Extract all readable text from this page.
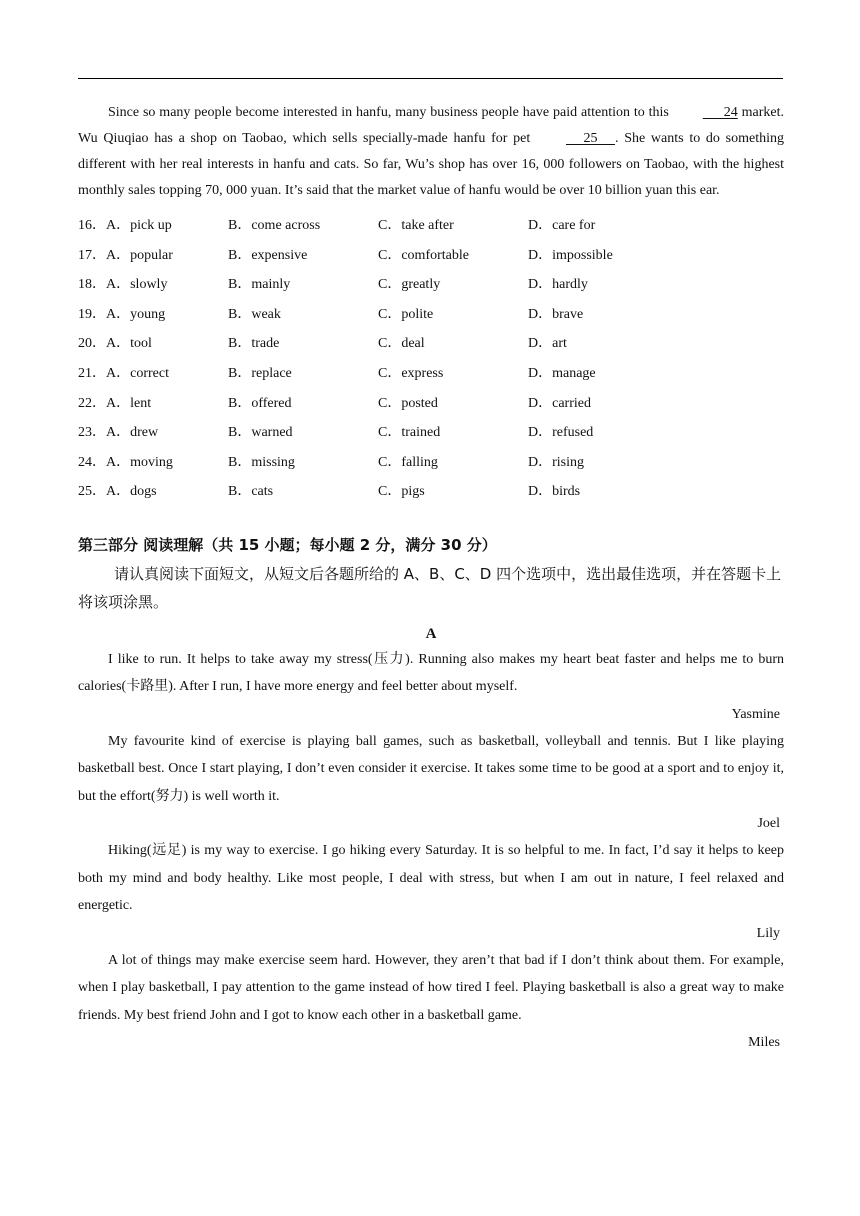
Since so many people become interested in hanfu, many business people have paid attention to this       24 market. Wu Qiuqiao has a shop on Taobao, which sells specially-made hanfu for pet      25     . She wants to do something different with her real interests in hanfu and cats. So far, Wu’s shop has over 16, 000 followers on Taobao, with the highest monthly sales topping 70, 000 yuan. It’s said that the market value of hanfu would be over 10 billion yuan this ear.

16． A．pick up	B．come across	C．take after	D．care for
17． A．popular	B．expensive	C．comfortable	D．impossible
18． A．slowly	B．mainly	C．greatly	D．hardly
19． A．young	B．weak	C．polite	D．brave
20． A．tool	B．trade	C．deal	D．art
21． A．correct	B．replace	C．express	D．manage
22． A．lent	B．offered	C．posted	D．carried
23． A．drew	B．warned	C．trained	D．refused
24． A．moving	B．missing	C．falling	D．rising
25． A．dogs	B．cats	C．pigs	D．birds
第三部分 阅读理解（共 15 小题；每小题 2 分，满分 30 分）

请认真阅读下面短文，从短文后各题所给的 A、B、C、D 四个选项中，选出最佳选项，并在答题卡上将该项涂黑。

A

I like to run. It helps to take away my stress(压力). Running also makes my heart beat faster and helps me to burn calories(卡路里). After I run, I have more energy and feel better about myself.

Yasmine

My favourite kind of exercise is playing ball games, such as basketball, volleyball and tennis. But I like playing basketball best. Once I start playing, I don’t even consider it exercise. It takes some time to be good at a sport and to enjoy it, but the effort(努力) is well worth it.

Joel

Hiking(远足) is my way to exercise. I go hiking every Saturday. It is so helpful to me. In fact, I’d say it helps to keep both my mind and body healthy. Like most people, I deal with stress, but when I am out in nature, I feel relaxed and energetic.

Lily

A lot of things may make exercise seem hard. However, they aren’t that bad if I don’t think about them. For example, when I play basketball, I pay attention to the game instead of how tired I feel. Playing basketball is also a great way to make friends. My best friend John and I got to know each other in a basketball game.

Miles
